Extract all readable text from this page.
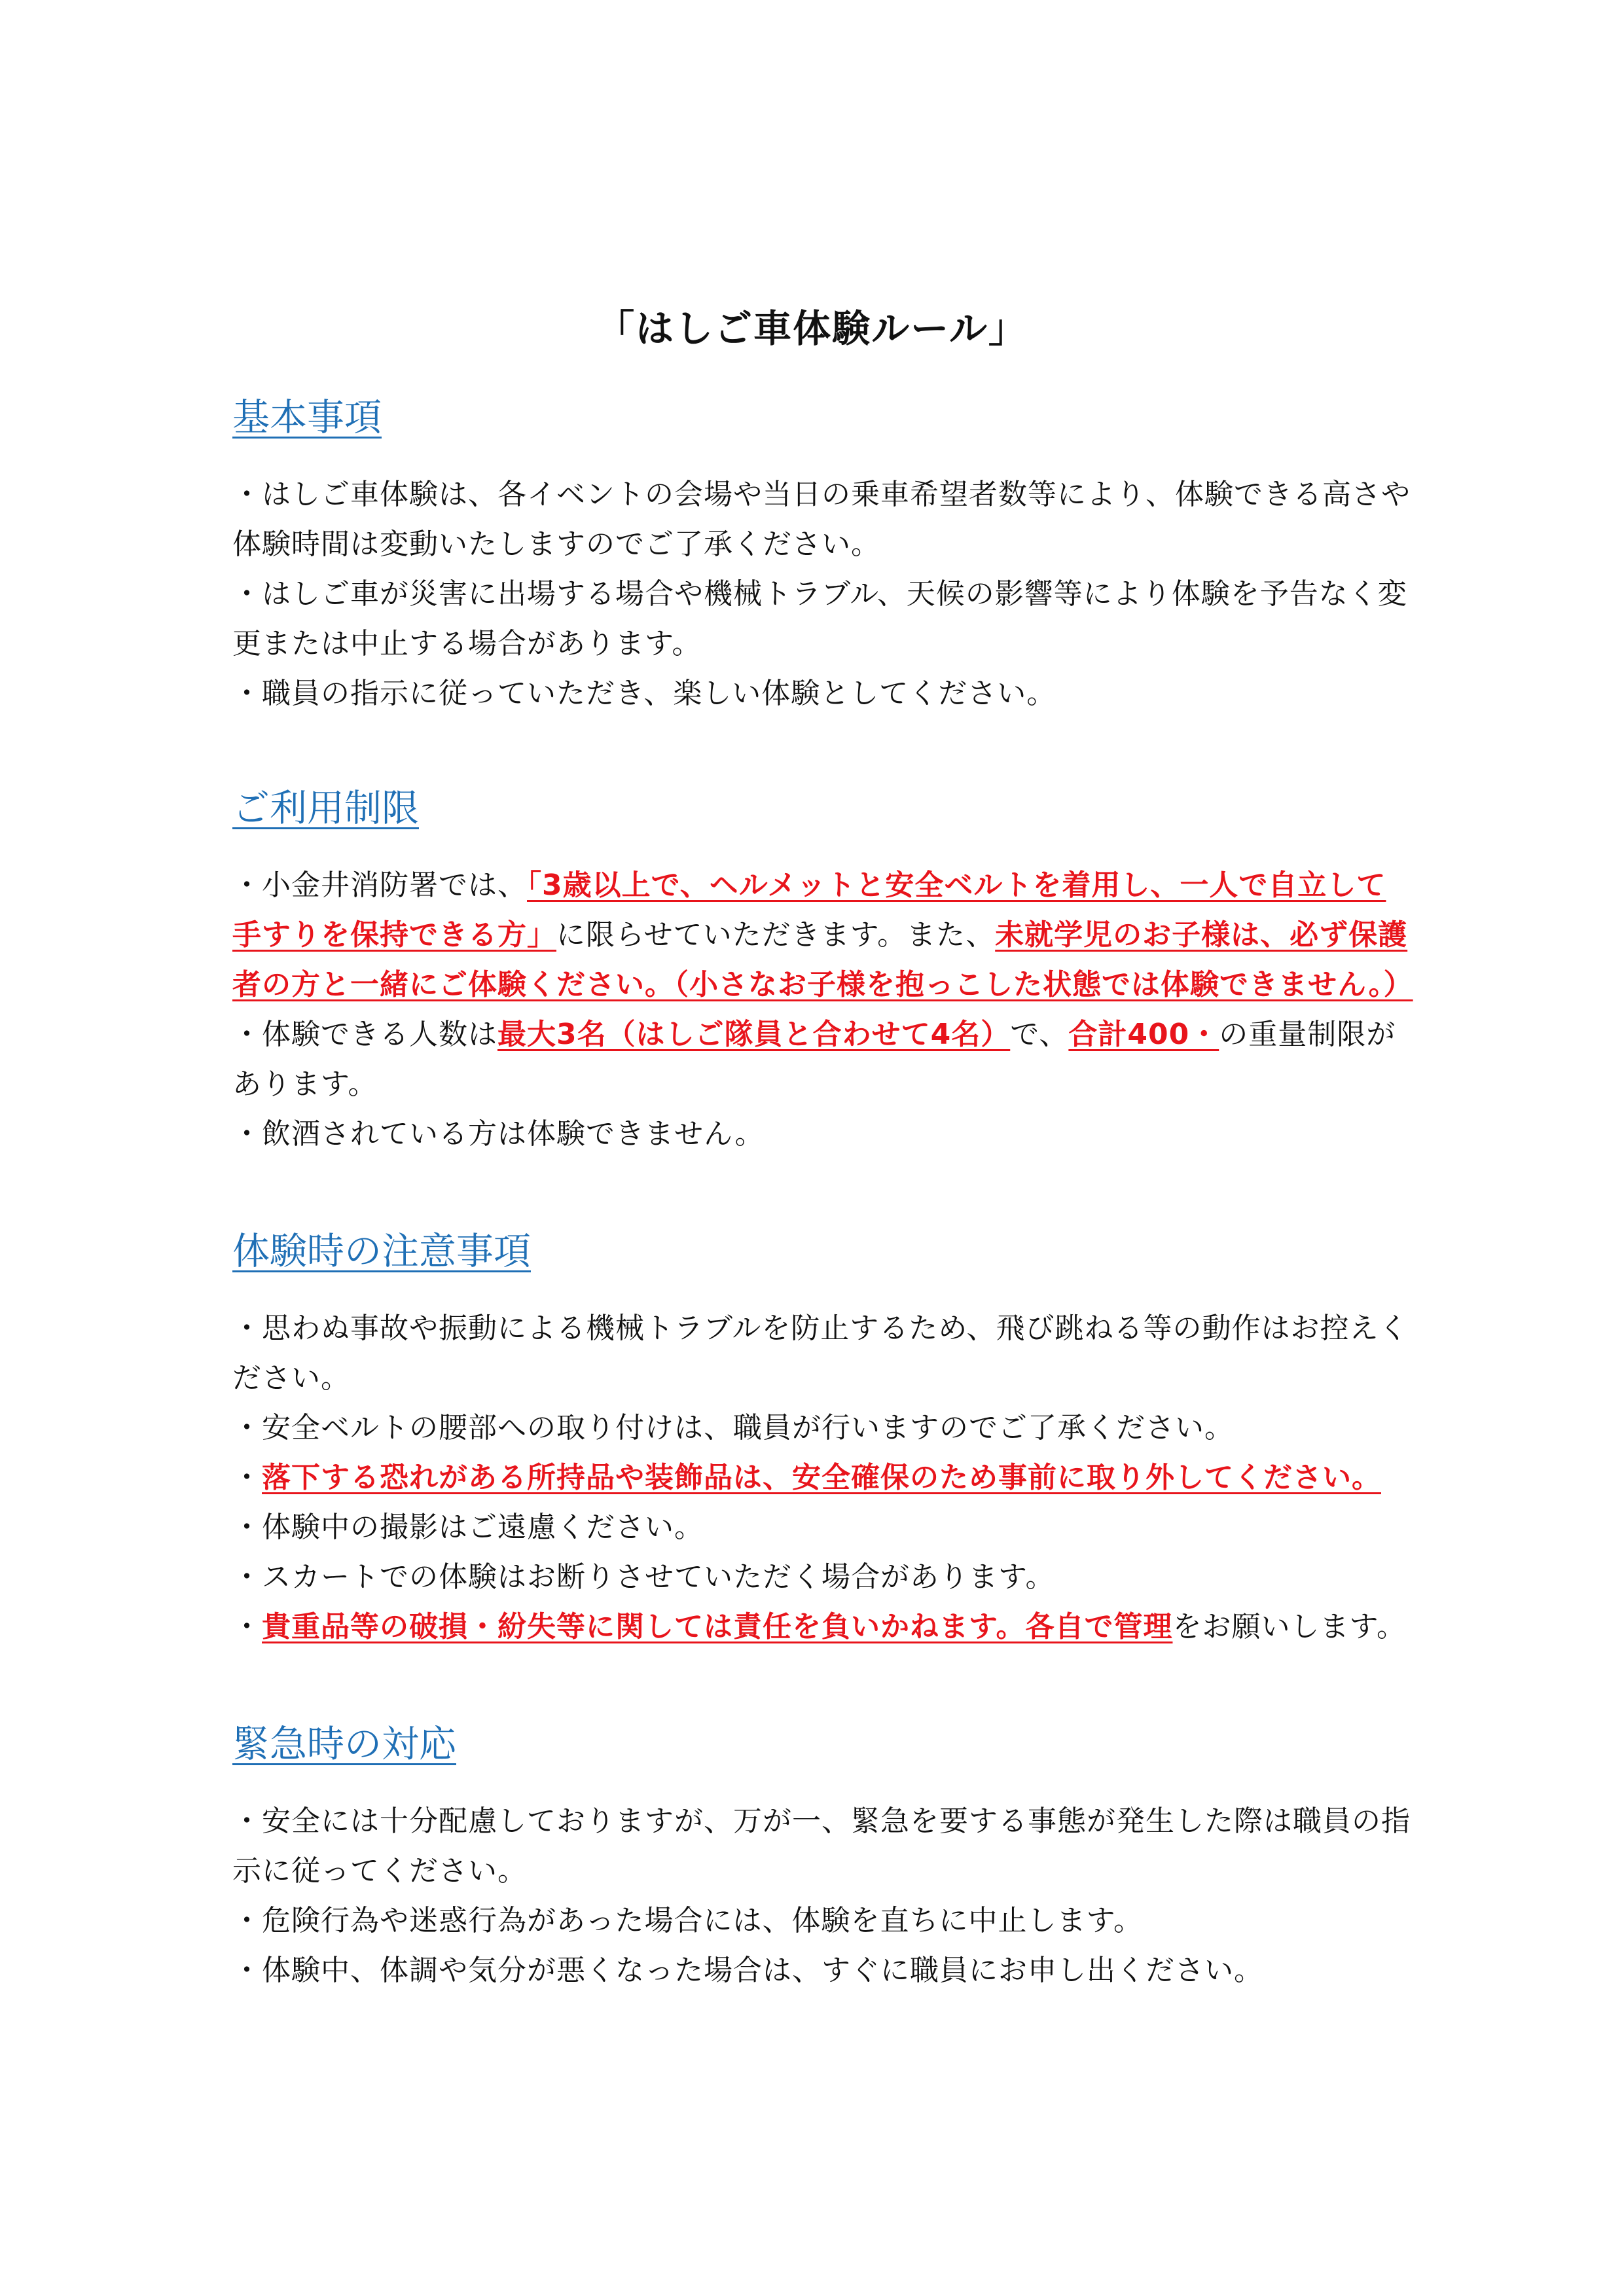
「はしご車体験ルール」
基本事項

・はしご車体験は、各イベントの会場や当日の乗車希望者数等により、体験できる高さや体験時間は変動いたしますのでご了承ください。

・はしご車が災害に出場する場合や機械トラブル、天候の影響等により体験を予告なく変更または中止する場合があります。

・職員の指示に従っていただき、楽しい体験としてください。

ご利用制限

・小金井消防署では、「3歳以上で、ヘルメットと安全ベルトを着用し、一人で自立して手すりを保持できる方」に限らせていただきます。また、未就学児のお子様は、必ず保護者の方と一緒にご体験ください。（小さなお子様を抱っこした状態では体験できません。）

・体験できる人数は最大3名（はしご隊員と合わせて4名）で、合計400・の重量制限があります。

・飲酒されている方は体験できません。

体験時の注意事項

・思わぬ事故や振動による機械トラブルを防止するため、飛び跳ねる等の動作はお控えください。

・安全ベルトの腰部への取り付けは、職員が行いますのでご了承ください。

・落下する恐れがある所持品や装飾品は、安全確保のため事前に取り外してください。

・体験中の撮影はご遠慮ください。

・スカートでの体験はお断りさせていただく場合があります。

・貴重品等の破損・紛失等に関しては責任を負いかねます。各自で管理をお願いします。

緊急時の対応

・安全には十分配慮しておりますが、万が一、緊急を要する事態が発生した際は職員の指示に従ってください。

・危険行為や迷惑行為があった場合には、体験を直ちに中止します。

・体験中、体調や気分が悪くなった場合は、すぐに職員にお申し出ください。
